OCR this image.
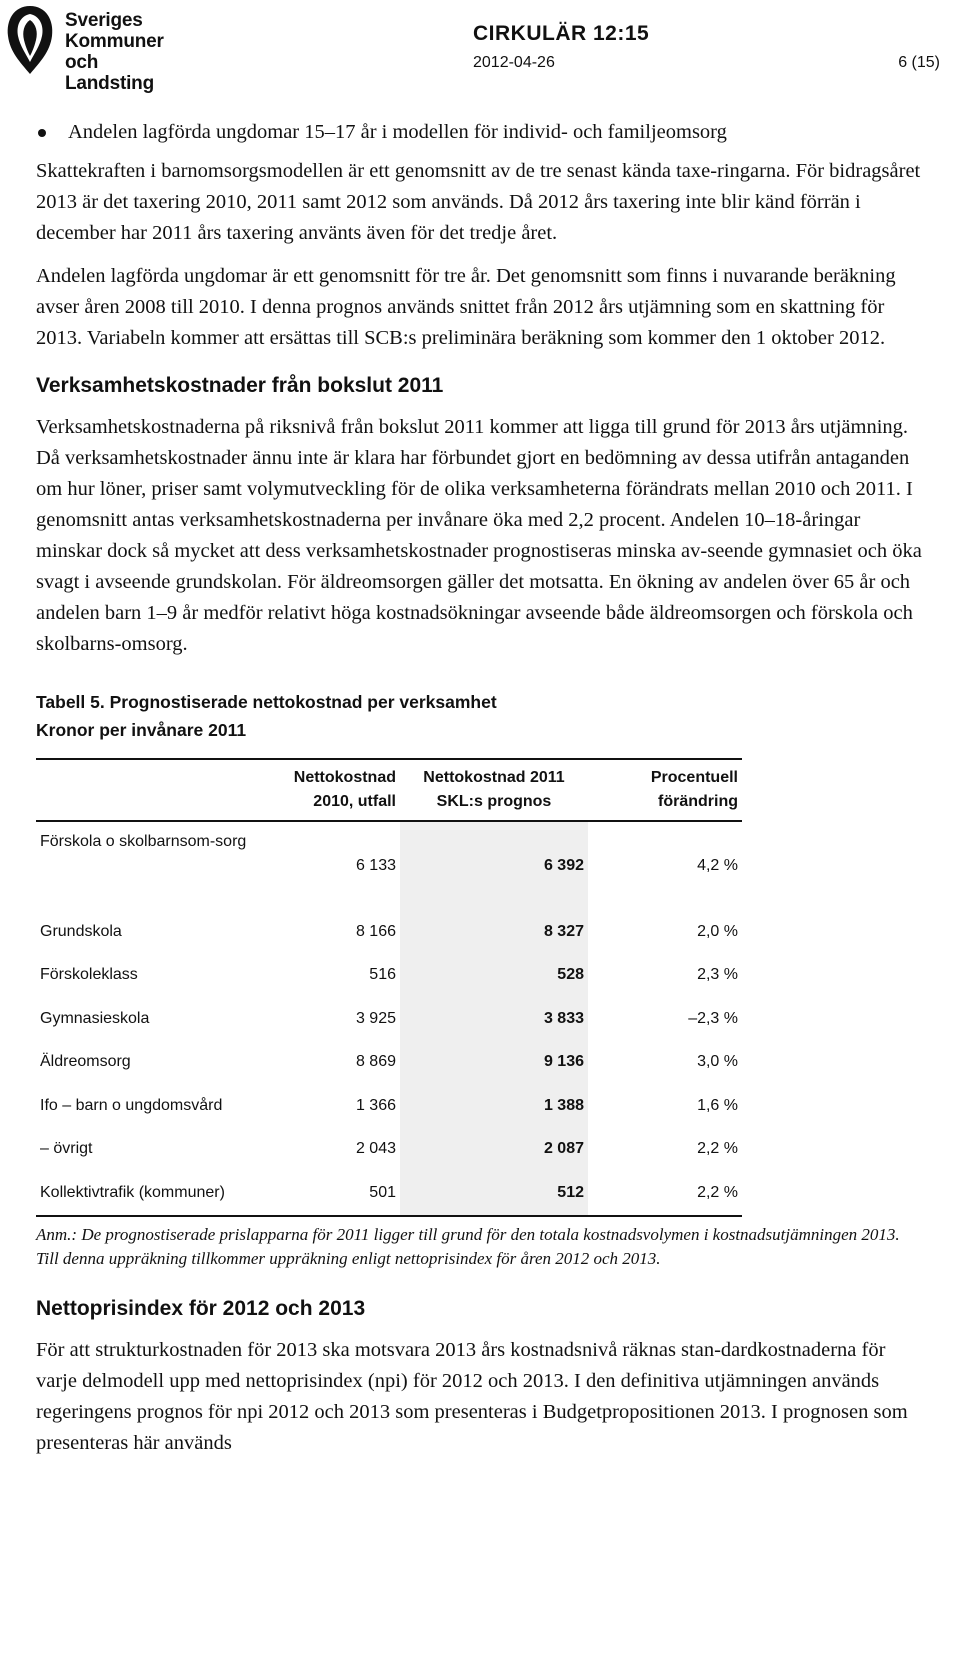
Sveriges
Kommuner
och Landsting
CIRKULÄR 12:15
2012-04-26	6 (15)
Andelen lagförda ungdomar 15–17 år i modellen för individ- och familjeomsorg

Skattekraften i barnomsorgsmodellen är ett genomsnitt av de tre senast kända taxe-ringarna. För bidragsåret 2013 är det taxering 2010, 2011 samt 2012 som används. Då 2012 års taxering inte blir känd förrän i december har 2011 års taxering använts även för det tredje året.

Andelen lagförda ungdomar är ett genomsnitt för tre år. Det genomsnitt som finns i nuvarande beräkning avser åren 2008 till 2010. I denna prognos används snittet från 2012 års utjämning som en skattning för 2013. Variabeln kommer att ersättas till SCB:s preliminära beräkning som kommer den 1 oktober 2012.

Verksamhetskostnader från bokslut 2011

Verksamhetskostnaderna på riksnivå från bokslut 2011 kommer att ligga till grund för 2013 års utjämning. Då verksamhetskostnader ännu inte är klara har förbundet gjort en bedömning av dessa utifrån antaganden om hur löner, priser samt volymutveckling för de olika verksamheterna förändrats mellan 2010 och 2011. I genomsnitt antas verksamhetskostnaderna per invånare öka med 2,2 procent. Andelen 10–18-åringar minskar dock så mycket att dess verksamhetskostnader prognostiseras minska av-seende gymnasiet och öka svagt i avseende grundskolan. För äldreomsorgen gäller det motsatta. En ökning av andelen över 65 år och andelen barn 1–9 år medför relativt höga kostnadsökningar avseende både äldreomsorgen och förskola och skolbarns-omsorg.

Tabell 5. Prognostiserade nettokostnad per verksamhet
Kronor per invånare 2011
	Nettokostnad 2010, utfall	Nettokostnad 2011 SKL:s prognos	Procentuell förändring
Förskola o skolbarnsom-sorg	6 133	6 392	4,2 %
Grundskola	8 166	8 327	2,0 %
Förskoleklass	516	528	2,3 %
Gymnasieskola	3 925	3 833	–2,3 %
Äldreomsorg	8 869	9 136	3,0 %
Ifo – barn o ungdomsvård	1 366	1 388	1,6 %
– övrigt	2 043	2 087	2,2 %
Kollektivtrafik (kommuner)	501	512	2,2 %
Anm.: De prognostiserade prislapparna för 2011 ligger till grund för den totala kostnadsvolymen i kostnadsutjämningen 2013. Till denna uppräkning tillkommer uppräkning enligt nettoprisindex för åren 2012 och 2013.
Nettoprisindex för 2012 och 2013

För att strukturkostnaden för 2013 ska motsvara 2013 års kostnadsnivå räknas stan-dardkostnaderna för varje delmodell upp med nettoprisindex (npi) för 2012 och 2013. I den definitiva utjämningen används regeringens prognos för npi 2012 och 2013 som presenteras i Budgetpropositionen 2013. I prognosen som presenteras här används
